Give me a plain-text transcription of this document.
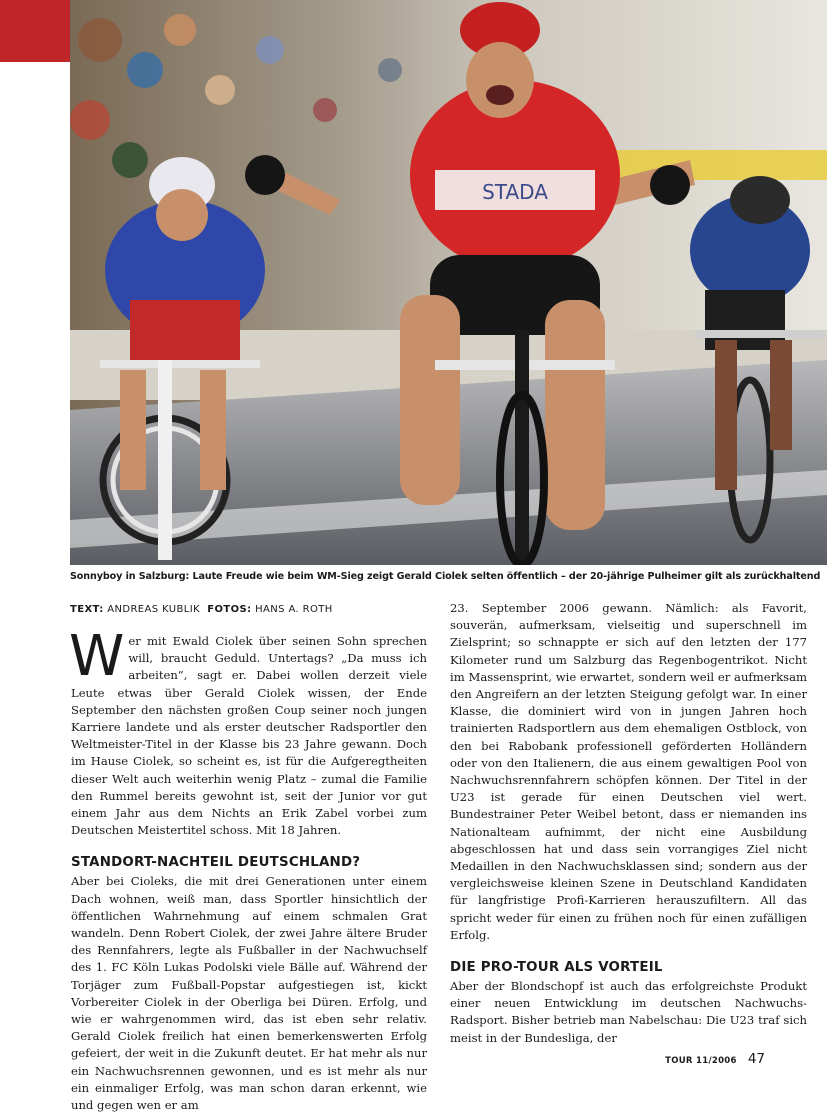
STADA
Sonnyboy in Salzburg: Laute Freude wie beim WM-Sieg zeigt Gerald Ciolek selten öffentlich – der 20-jährige Pulheimer gilt als zurückhaltend
TEXT: ANDREAS KUBLIK FOTOS: HANS A. ROTH

Wer mit Ewald Ciolek über seinen Sohn sprechen will, braucht Geduld. Untertags? „Da muss ich arbeiten“, sagt er. Dabei wollen derzeit viele Leute etwas über Gerald Ciolek wissen, der Ende September den nächsten großen Coup seiner noch jungen Karriere landete und als erster deutscher Radsportler den Weltmeister-Titel in der Klasse bis 23 Jahre gewann. Doch im Hause Ciolek, so scheint es, ist für die Aufgeregtheiten dieser Welt auch weiterhin wenig Platz – zumal die Familie den Rummel bereits gewohnt ist, seit der Junior vor gut einem Jahr aus dem Nichts an Erik Zabel vorbei zum Deutschen Meistertitel schoss. Mit 18 Jahren.

STANDORT-NACHTEIL DEUTSCHLAND?

Aber bei Cioleks, die mit drei Generationen unter einem Dach wohnen, weiß man, dass Sportler hinsichtlich der öffentlichen Wahrnehmung auf einem schmalen Grat wandeln. Denn Robert Ciolek, der zwei Jahre ältere Bruder des Rennfahrers, legte als Fußballer in der Nachwuchself des 1. FC Köln Lukas Podolski viele Bälle auf. Während der Torjäger zum Fußball-Popstar aufgestiegen ist, kickt Vorbereiter Ciolek in der Oberliga bei Düren. Erfolg, und wie er wahrgenommen wird, das ist eben sehr relativ. Gerald Ciolek freilich hat einen bemerkenswerten Erfolg gefeiert, der weit in die Zukunft deutet. Er hat mehr als nur ein Nachwuchsrennen gewonnen, und es ist mehr als nur ein einmaliger Erfolg, was man schon daran erkennt, wie und gegen wen er am

23. September 2006 gewann. Nämlich: als Favorit, souverän, aufmerksam, vielseitig und superschnell im Zielsprint; so schnappte er sich auf den letzten der 177 Kilometer rund um Salzburg das Regenbogentrikot. Nicht im Massensprint, wie erwartet, sondern weil er aufmerksam den Angreifern an der letzten Steigung gefolgt war. In einer Klasse, die dominiert wird von in jungen Jahren hoch trainierten Radsportlern aus dem ehemaligen Ostblock, von den bei Rabobank professionell geförderten Holländern oder von den Italienern, die aus einem gewaltigen Pool von Nachwuchsrennfahrern schöpfen können. Der Titel in der U23 ist gerade für einen Deutschen viel wert. Bundestrainer Peter Weibel betont, dass er niemanden ins Nationalteam aufnimmt, der nicht eine Ausbildung abgeschlossen hat und dass sein vorrangiges Ziel nicht Medaillen in den Nachwuchsklassen sind; sondern aus der vergleichsweise kleinen Szene in Deutschland Kandidaten für langfristige Profi-Karrieren herauszufiltern. All das spricht weder für einen zu frühen noch für einen zufälligen Erfolg.

DIE PRO-TOUR ALS VORTEIL

Aber der Blondschopf ist auch das erfolgreichste Produkt einer neuen Entwicklung im deutschen Nachwuchs-Radsport. Bisher betrieb man Nabelschau: Die U23 traf sich meist in der Bundesliga, der

TOUR 11/2006 47
